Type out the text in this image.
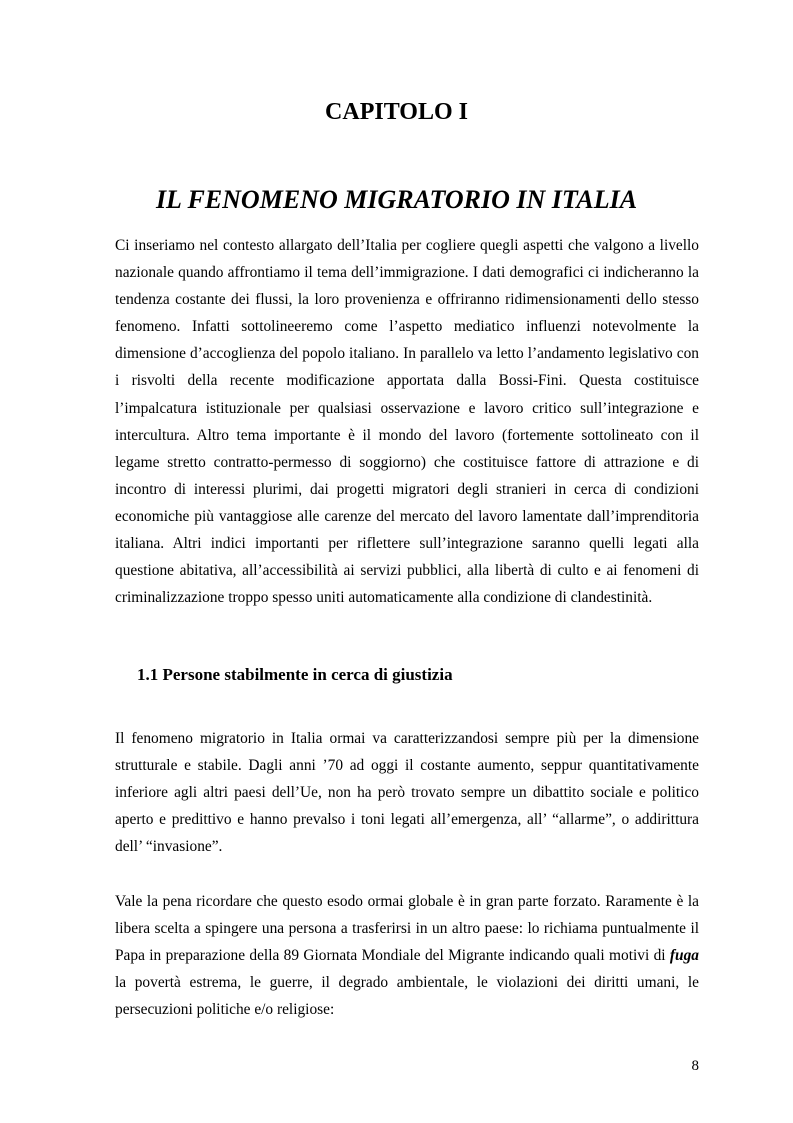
CAPITOLO I
IL FENOMENO MIGRATORIO IN ITALIA

Ci inseriamo nel contesto allargato dell’Italia per cogliere quegli aspetti che valgono a livello nazionale quando affrontiamo il tema dell’immigrazione. I dati demografici ci indicheranno la tendenza costante dei flussi, la loro provenienza e offriranno ridimensionamenti dello stesso fenomeno. Infatti sottolineeremo come l’aspetto mediatico influenzi notevolmente la dimensione d’accoglienza del popolo italiano. In parallelo va letto l’andamento legislativo con i risvolti della recente modificazione apportata dalla Bossi-Fini. Questa costituisce l’impalcatura istituzionale per qualsiasi osservazione e lavoro critico sull’integrazione e intercultura. Altro tema importante è il mondo del lavoro (fortemente sottolineato con il legame stretto contratto-permesso di soggiorno) che costituisce fattore di attrazione e di incontro di interessi plurimi, dai progetti migratori degli stranieri in cerca di condizioni economiche più vantaggiose alle carenze del mercato del lavoro lamentate dall’imprenditoria italiana. Altri indici importanti per riflettere sull’integrazione saranno quelli legati alla questione abitativa, all’accessibilità ai servizi pubblici, alla libertà di culto e ai fenomeni di criminalizzazione troppo spesso uniti automaticamente alla condizione di clandestinità.

1.1 Persone stabilmente in cerca di giustizia

Il fenomeno migratorio in Italia ormai va caratterizzandosi sempre più per la dimensione strutturale e stabile. Dagli anni ’70 ad oggi il costante aumento, seppur quantitativamente inferiore agli altri paesi dell’Ue, non ha però trovato sempre un dibattito sociale e politico aperto e predittivo e hanno prevalso i toni legati all’emergenza, all’ “allarme”, o addirittura dell’ “invasione”.

Vale la pena ricordare che questo esodo ormai globale è in gran parte forzato. Raramente è la libera scelta a spingere una persona a trasferirsi in un altro paese: lo richiama puntualmente il Papa in preparazione della 89 Giornata Mondiale del Migrante indicando quali motivi di fuga la povertà estrema, le guerre, il degrado ambientale, le violazioni dei diritti umani, le persecuzioni politiche e/o religiose:

8
